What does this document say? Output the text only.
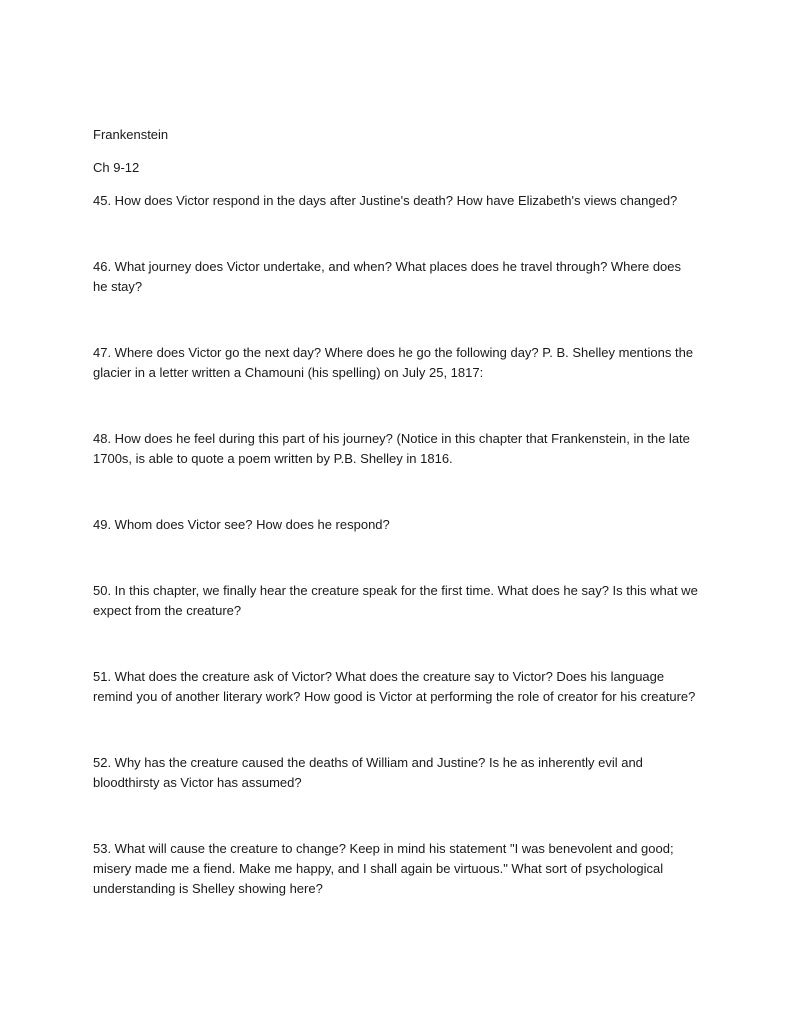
Frankenstein

Ch 9-12

45. How does Victor respond in the days after Justine's death? How have Elizabeth's views changed?

46. What journey does Victor undertake, and when? What places does he travel through? Where does he stay?

47. Where does Victor go the next day? Where does he go the following day? P. B. Shelley mentions the glacier in a letter written a Chamouni (his spelling) on July 25, 1817:

48. How does he feel during this part of his journey? (Notice in this chapter that Frankenstein, in the late 1700s, is able to quote a poem written by P.B. Shelley in 1816.

49. Whom does Victor see? How does he respond?

50. In this chapter, we finally hear the creature speak for the first time. What does he say? Is this what we expect from the creature?

51. What does the creature ask of Victor? What does the creature say to Victor? Does his language remind you of another literary work? How good is Victor at performing the role of creator for his creature?

52. Why has the creature caused the deaths of William and Justine? Is he as inherently evil and bloodthirsty as Victor has assumed?

53. What will cause the creature to change? Keep in mind his statement "I was benevolent and good; misery made me a fiend. Make me happy, and I shall again be virtuous." What sort of psychological understanding is Shelley showing here?
